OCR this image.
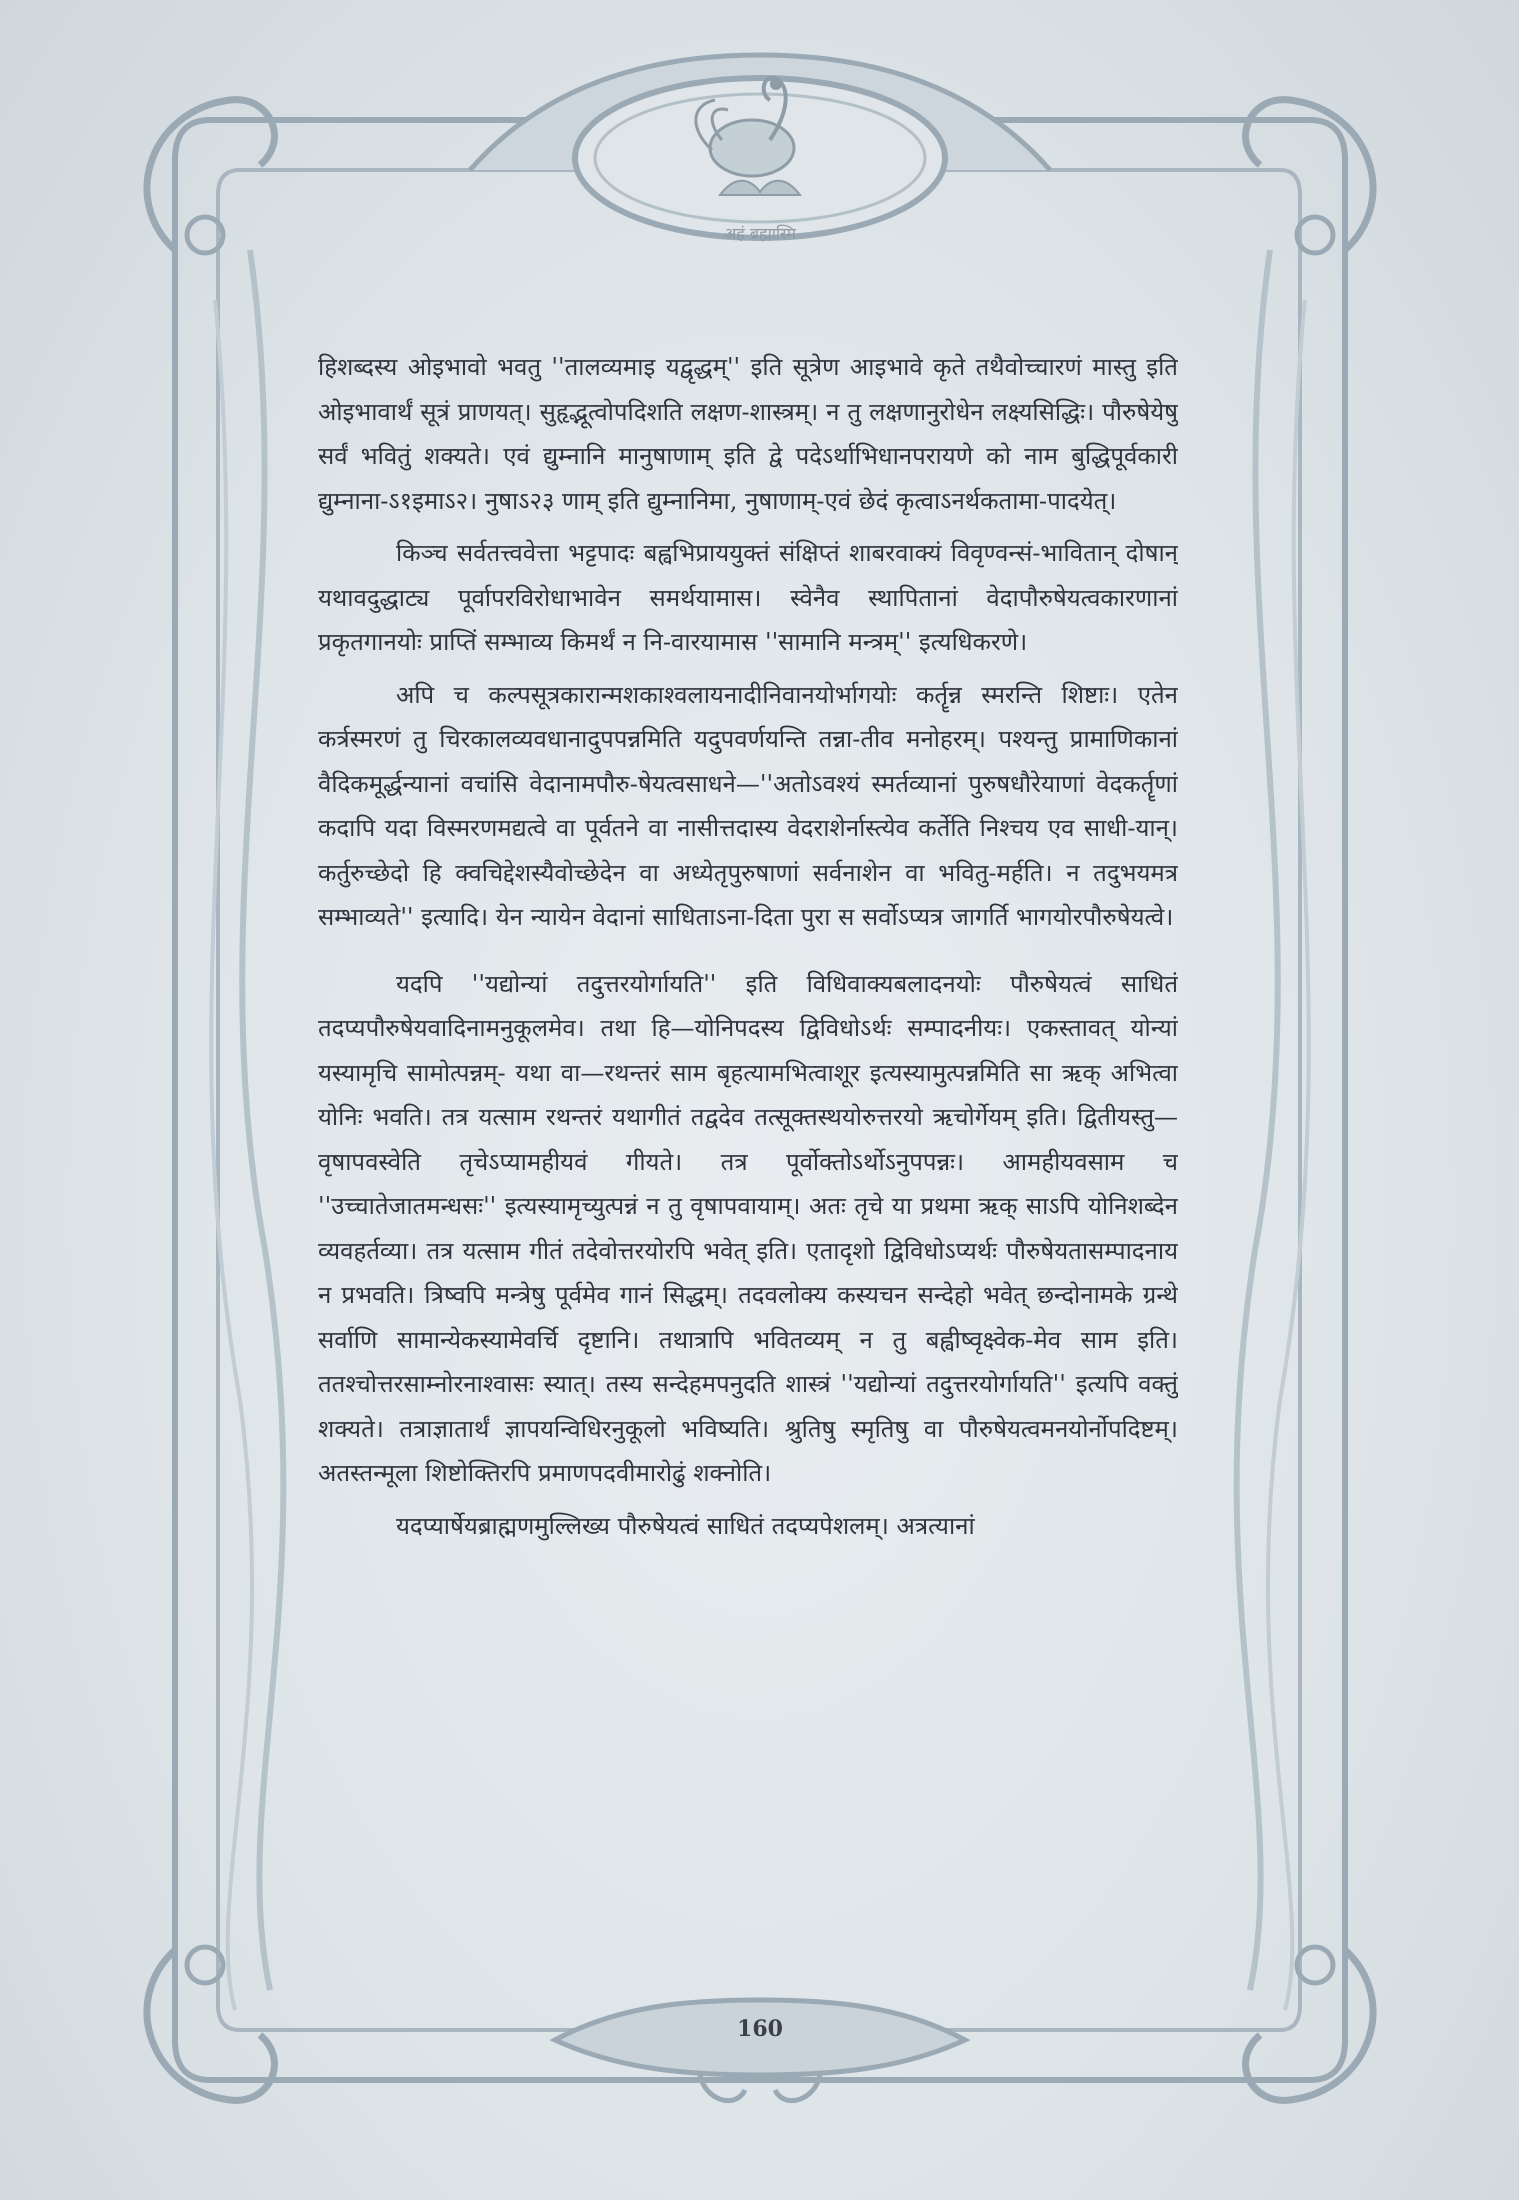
अहं ब्रह्मास्मि

हिशब्दस्य ओइभावो भवतु ''तालव्यमाइ यद्वृद्धम्'' इति सूत्रेण आइभावे कृते तथैवोच्चारणं मास्तु इति ओइभावार्थं सूत्रं प्राणयत्। सुहृद्भूत्वोपदिशति लक्षण-शास्त्रम्। न तु लक्षणानुरोधेन लक्ष्यसिद्धिः। पौरुषेयेषु सर्वं भवितुं शक्यते। एवं द्युम्नानि मानुषाणाम् इति द्वे पदेऽर्थाभिधानपरायणे को नाम बुद्धिपूर्वकारी द्युम्नाना-ऽ१इमाऽ२। नुषाऽ२३ णाम् इति द्युम्नानिमा, नुषाणाम्-एवं छेदं कृत्वाऽनर्थकतामा-पादयेत्।

किञ्च सर्वतत्त्ववेत्ता भट्टपादः बह्वभिप्राययुक्तं संक्षिप्तं शाबरवाक्यं विवृण्वन्सं-भावितान् दोषान् यथावदुद्धाट्य पूर्वापरविरोधाभावेन समर्थयामास। स्वेनैव स्थापितानां वेदापौरुषेयत्वकारणानां प्रकृतगानयोः प्राप्तिं सम्भाव्य किमर्थं न नि-वारयामास ''सामानि मन्त्रम्'' इत्यधिकरणे।

अपि च कल्पसूत्रकारान्मशकाश्वलायनादीनिवानयोर्भागयोः कर्तॄन्न स्मरन्ति शिष्टाः। एतेन कर्त्रस्मरणं तु चिरकालव्यवधानादुपपन्नमिति यदुपवर्णयन्ति तन्ना-तीव मनोहरम्। पश्यन्तु प्रामाणिकानां वैदिकमूर्द्धन्यानां वचांसि वेदानामपौरु-षेयत्वसाधने—''अतोऽवश्यं स्मर्तव्यानां पुरुषधौरेयाणां वेदकर्तॄणां कदापि यदा विस्मरणमद्यत्वे वा पूर्वतने वा नासीत्तदास्य वेदराशेर्नास्त्येव कर्तेति निश्चय एव साधी-यान्। कर्तुरुच्छेदो हि क्वचिद्देशस्यैवोच्छेदेन वा अध्येतृपुरुषाणां सर्वनाशेन वा भवितु-मर्हति। न तदुभयमत्र सम्भाव्यते'' इत्यादि। येन न्यायेन वेदानां साधिताऽना-दिता पुरा स सर्वोऽप्यत्र जागर्ति भागयोरपौरुषेयत्वे।

यदपि ''यद्योन्यां तदुत्तरयोर्गायति'' इति विधिवाक्यबलादनयोः पौरुषेयत्वं साधितं तदप्यपौरुषेयवादिनामनुकूलमेव। तथा हि—योनिपदस्य द्विविधोऽर्थः सम्पादनीयः। एकस्तावत् योन्यां यस्यामृचि सामोत्पन्नम्- यथा वा—रथन्तरं साम बृहत्यामभित्वाशूर इत्यस्यामुत्पन्नमिति सा ऋक् अभित्वा योनिः भवति। तत्र यत्साम रथन्तरं यथागीतं तद्वदेव तत्सूक्तस्थयोरुत्तरयो ऋचोर्गेयम् इति। द्वितीयस्तु—वृषापवस्वेति तृचेऽप्यामहीयवं गीयते। तत्र पूर्वोक्तोऽर्थोऽनुपपन्नः। आमहीयवसाम च ''उच्चातेजातमन्धसः'' इत्यस्यामृच्युत्पन्नं न तु वृषापवायाम्। अतः तृचे या प्रथमा ऋक् साऽपि योनिशब्देन व्यवहर्तव्या। तत्र यत्साम गीतं तदेवोत्तरयोरपि भवेत् इति। एतादृशो द्विविधोऽप्यर्थः पौरुषेयतासम्पादनाय न प्रभवति। त्रिष्वपि मन्त्रेषु पूर्वमेव गानं सिद्धम्। तदवलोक्य कस्यचन सन्देहो भवेत् छन्दोनामके ग्रन्थे सर्वाणि सामान्येकस्यामेवर्चि दृष्टानि। तथात्रापि भवितव्यम् न तु बह्वीष्वृक्ष्वेक-मेव साम इति। ततश्चोत्तरसाम्नोरनाश्वासः स्यात्। तस्य सन्देहमपनुदति शास्त्रं ''यद्योन्यां तदुत्तरयोर्गायति'' इत्यपि वक्तुं शक्यते। तत्राज्ञातार्थं ज्ञापयन्विधिरनुकूलो भविष्यति। श्रुतिषु स्मृतिषु वा पौरुषेयत्वमनयोर्नोपदिष्टम्। अतस्तन्मूला शिष्टोक्तिरपि प्रमाणपदवीमारोढुं शक्नोति।

यदप्यार्षेयब्राह्मणमुल्लिख्य पौरुषेयत्वं साधितं तदप्यपेशलम्। अत्रत्यानां

160
